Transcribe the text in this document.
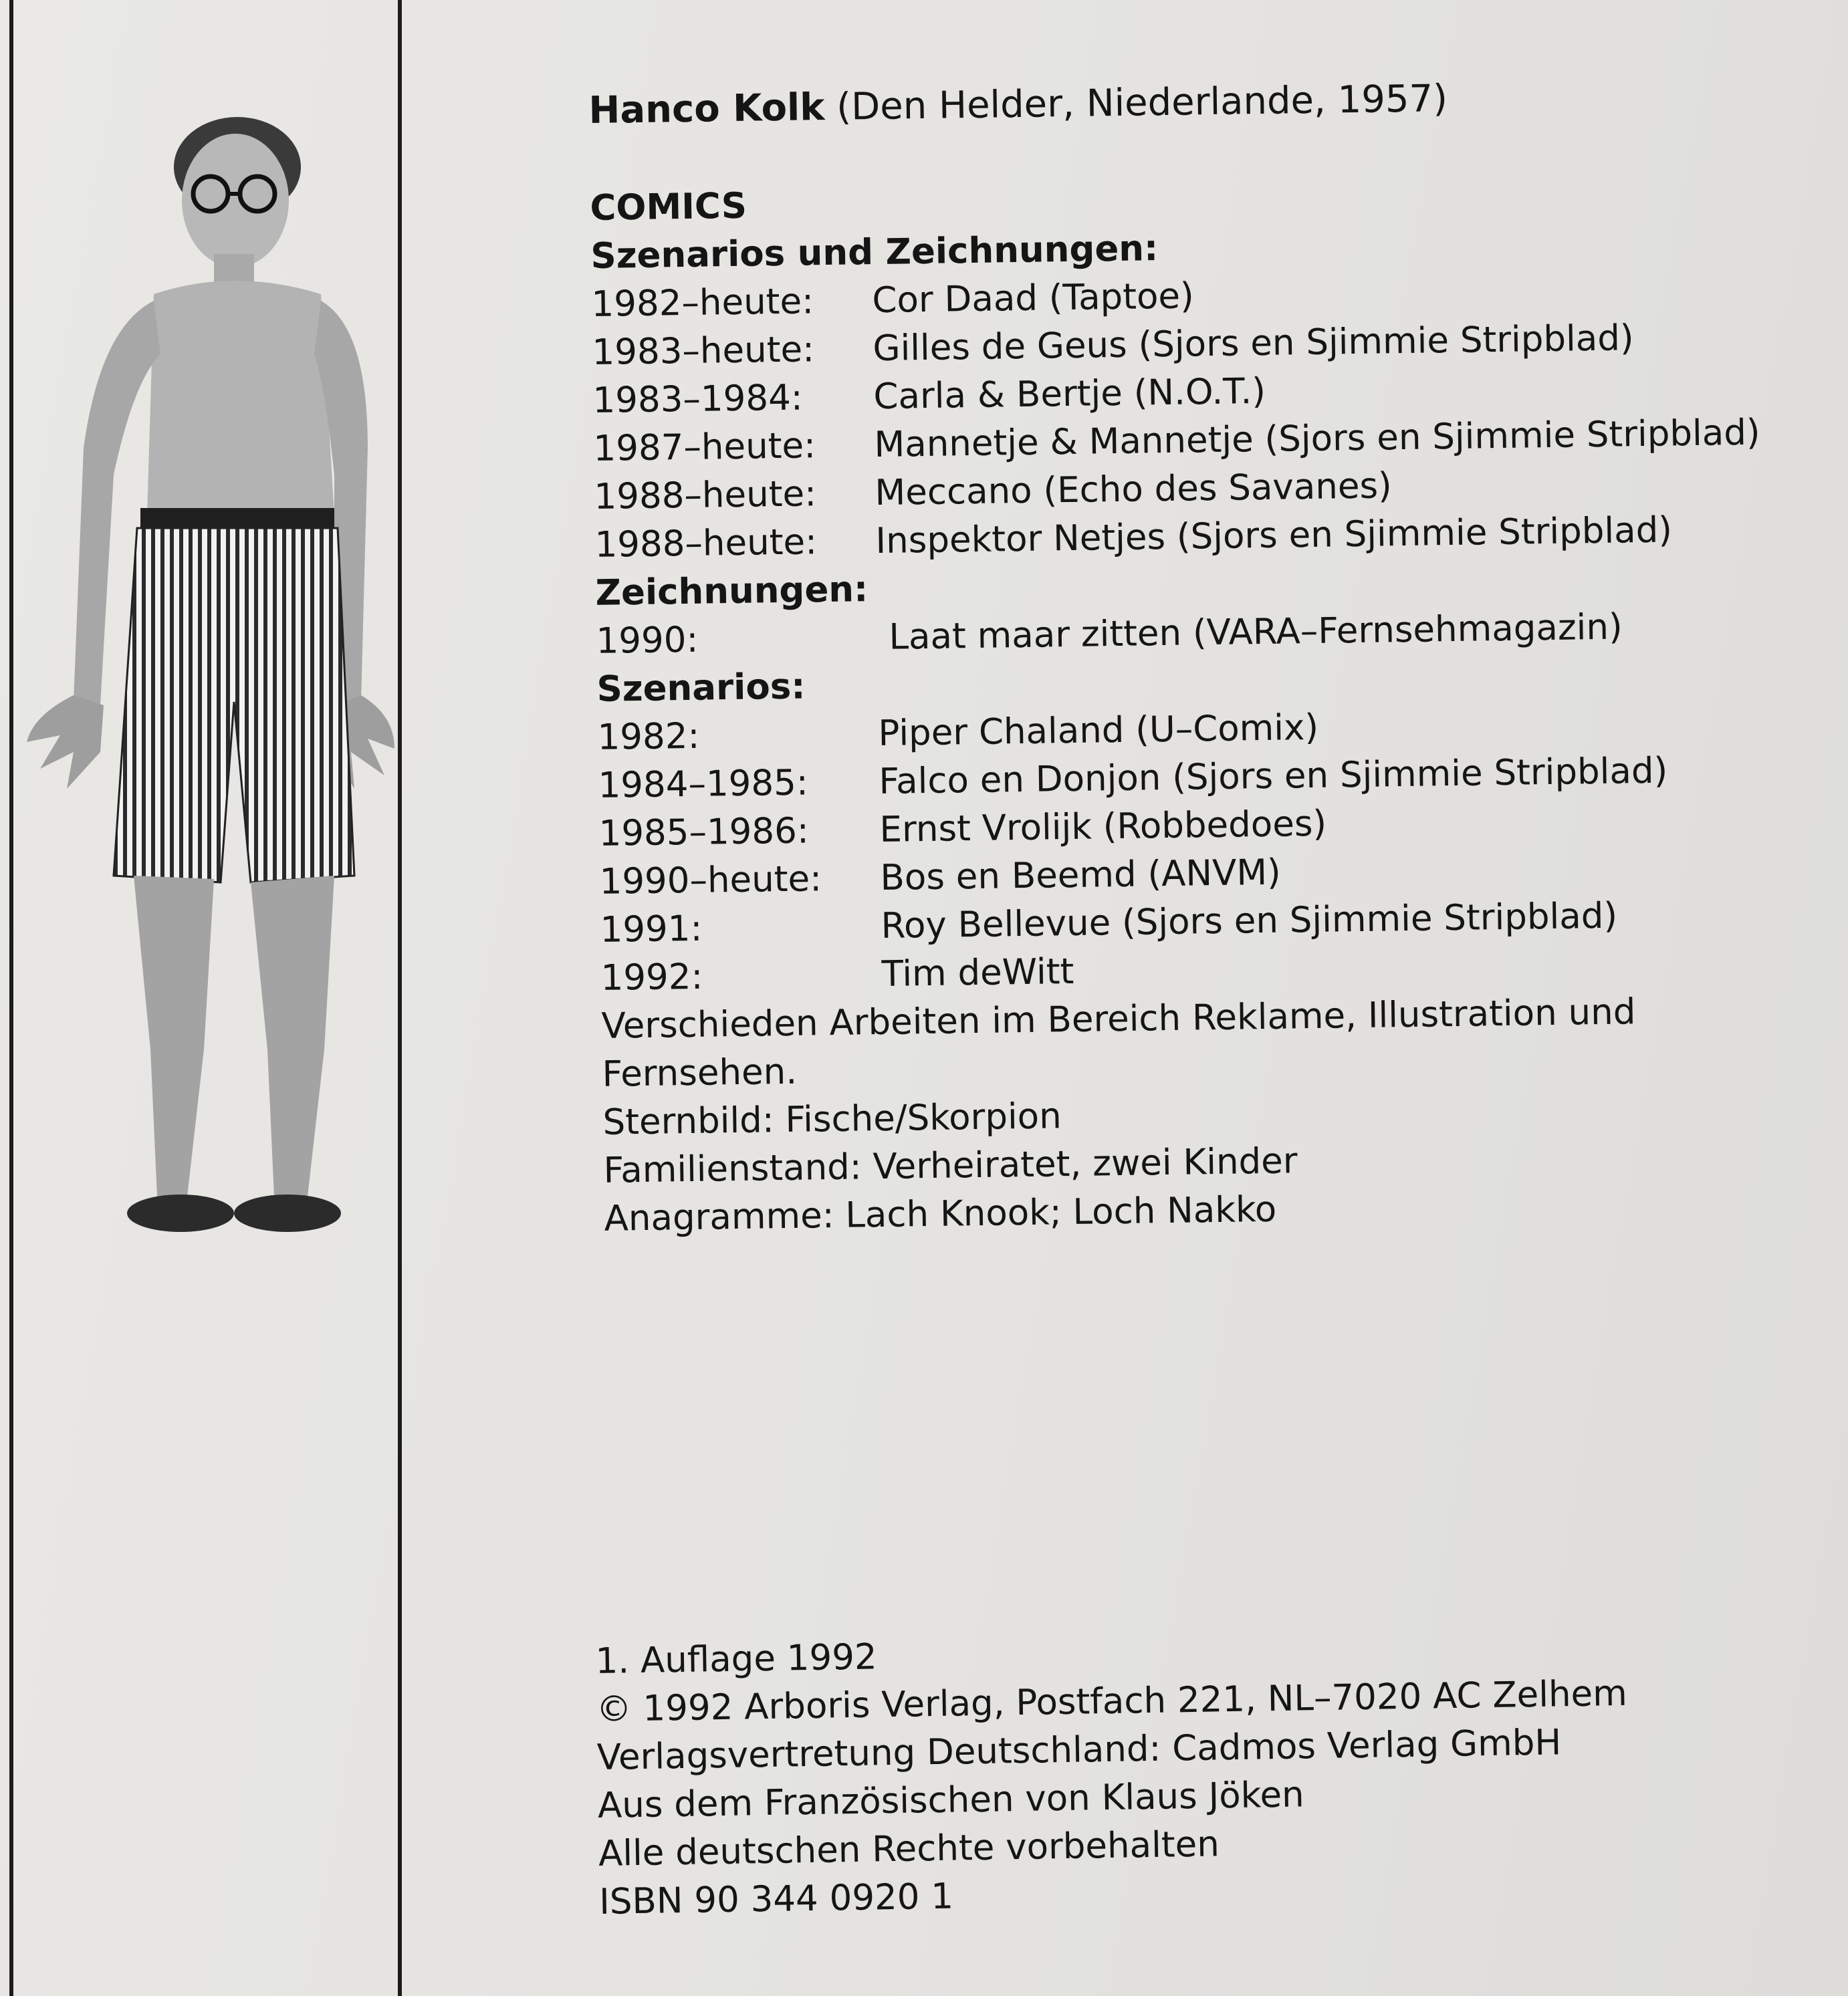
Hanco Kolk (Den Helder, Niederlande, 1957)
COMICS
Szenarios und Zeichnungen:
1982–heute:	Cor Daad (Taptoe)
1983–heute:	Gilles de Geus (Sjors en Sjimmie Stripblad)
1983–1984:	Carla & Bertje (N.O.T.)
1987–heute:	Mannetje & Mannetje (Sjors en Sjimmie Stripblad)
1988–heute:	Meccano (Echo des Savanes)
1988–heute:	Inspektor Netjes (Sjors en Sjimmie Stripblad)
Zeichnungen:
1990:	Laat maar zitten (VARA–Fernsehmagazin)
Szenarios:
1982:	Piper Chaland (U–Comix)
1984–1985:	Falco en Donjon (Sjors en Sjimmie Stripblad)
1985–1986:	Ernst Vrolijk (Robbedoes)
1990–heute:	Bos en Beemd (ANVM)
1991:	Roy Bellevue (Sjors en Sjimmie Stripblad)
1992:	Tim deWitt
Verschieden Arbeiten im Bereich Reklame, Illustration und
Fernsehen.
Sternbild: Fische/Skorpion
Familienstand: Verheiratet, zwei Kinder
Anagramme: Lach Knook; Loch Nakko
1. Auflage 1992
© 1992 Arboris Verlag, Postfach 221, NL–7020 AC Zelhem
Verlagsvertretung Deutschland: Cadmos Verlag GmbH
Aus dem Französischen von Klaus Jöken
Alle deutschen Rechte vorbehalten
ISBN 90 344 0920 1
